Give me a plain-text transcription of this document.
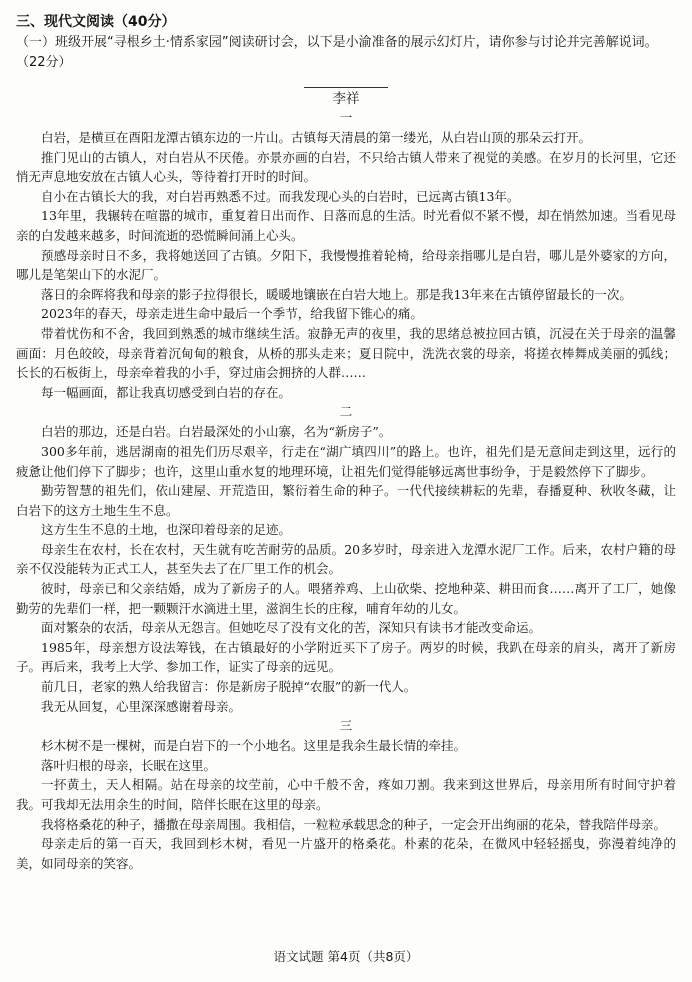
三、现代文阅读（40分）

（一）班级开展“寻根乡土·情系家园”阅读研讨会，以下是小渝准备的展示幻灯片，请你参与讨论并完善解说词。（22分）

李祥

一

白岩，是横亘在酉阳龙潭古镇东边的一片山。古镇每天清晨的第一缕光，从白岩山顶的那朵云打开。

推门见山的古镇人，对白岩从不厌倦。亦景亦画的白岩，不只给古镇人带来了视觉的美感。在岁月的长河里，它还悄无声息地安放在古镇人心头，等待着打开时的时间。

自小在古镇长大的我，对白岩再熟悉不过。而我发现心头的白岩时，已远离古镇13年。

13年里，我辗转在喧嚣的城市，重复着日出而作、日落而息的生活。时光看似不紧不慢，却在悄然加速。当看见母亲的白发越来越多，时间流逝的恐慌瞬间涌上心头。

预感母亲时日不多，我将她送回了古镇。夕阳下，我慢慢推着轮椅，给母亲指哪儿是白岩，哪儿是外婆家的方向，哪儿是笔架山下的水泥厂。

落日的余晖将我和母亲的影子拉得很长，暖暖地镶嵌在白岩大地上。那是我13年来在古镇停留最长的一次。

2023年的春天，母亲走进生命中最后一个季节，给我留下锥心的痛。

带着忧伤和不舍，我回到熟悉的城市继续生活。寂静无声的夜里，我的思绪总被拉回古镇，沉浸在关于母亲的温馨画面：月色皎皎，母亲背着沉甸甸的粮食，从桥的那头走来；夏日院中，洗洗衣裳的母亲，将搓衣棒舞成美丽的弧线；长长的石板街上，母亲牵着我的小手，穿过庙会拥挤的人群……

每一幅画面，都让我真切感受到白岩的存在。

二

白岩的那边，还是白岩。白岩最深处的小山寨，名为“新房子”。

300多年前，逃居湖南的祖先们历尽艰辛，行走在“湖广填四川”的路上。也许，祖先们是无意间走到这里，远行的疲惫让他们停下了脚步；也许，这里山重水复的地理环境，让祖先们觉得能够远离世事纷争，于是毅然停下了脚步。

勤劳智慧的祖先们，依山建屋、开荒造田，繁衍着生命的种子。一代代接续耕耘的先辈，春播夏种、秋收冬藏，让白岩下的这方土地生生不息。

这方生生不息的土地，也深印着母亲的足迹。

母亲生在农村，长在农村，天生就有吃苦耐劳的品质。20多岁时，母亲进入龙潭水泥厂工作。后来，农村户籍的母亲不仅没能转为正式工人，甚至失去了在厂里工作的机会。

彼时，母亲已和父亲结婚，成为了新房子的人。喂猪养鸡、上山砍柴、挖地种菜、耕田而食……离开了工厂，她像勤劳的先辈们一样，把一颗颗汗水滴进土里，滋润生长的庄稼，哺育年幼的儿女。

面对繁杂的农活，母亲从无怨言。但她吃尽了没有文化的苦，深知只有读书才能改变命运。

1985年，母亲想方设法筹钱，在古镇最好的小学附近买下了房子。两岁的时候，我趴在母亲的肩头，离开了新房子。再后来，我考上大学、参加工作，证实了母亲的远见。

前几日，老家的熟人给我留言：你是新房子脱掉“农服”的新一代人。

我无从回复，心里深深感谢着母亲。

三

杉木树不是一棵树，而是白岩下的一个小地名。这里是我余生最长情的牵挂。

落叶归根的母亲，长眠在这里。

一抔黄土，天人相隔。站在母亲的坟茔前，心中千般不舍，疼如刀割。我来到这世界后，母亲用所有时间守护着我。可我却无法用余生的时间，陪伴长眠在这里的母亲。

我将格桑花的种子，播撒在母亲周围。我相信，一粒粒承载思念的种子，一定会开出绚丽的花朵，替我陪伴母亲。

母亲走后的第一百天，我回到杉木树，看见一片盛开的格桑花。朴素的花朵，在微风中轻轻摇曳，弥漫着纯净的美，如同母亲的笑容。

语文试题 第4页（共8页）
